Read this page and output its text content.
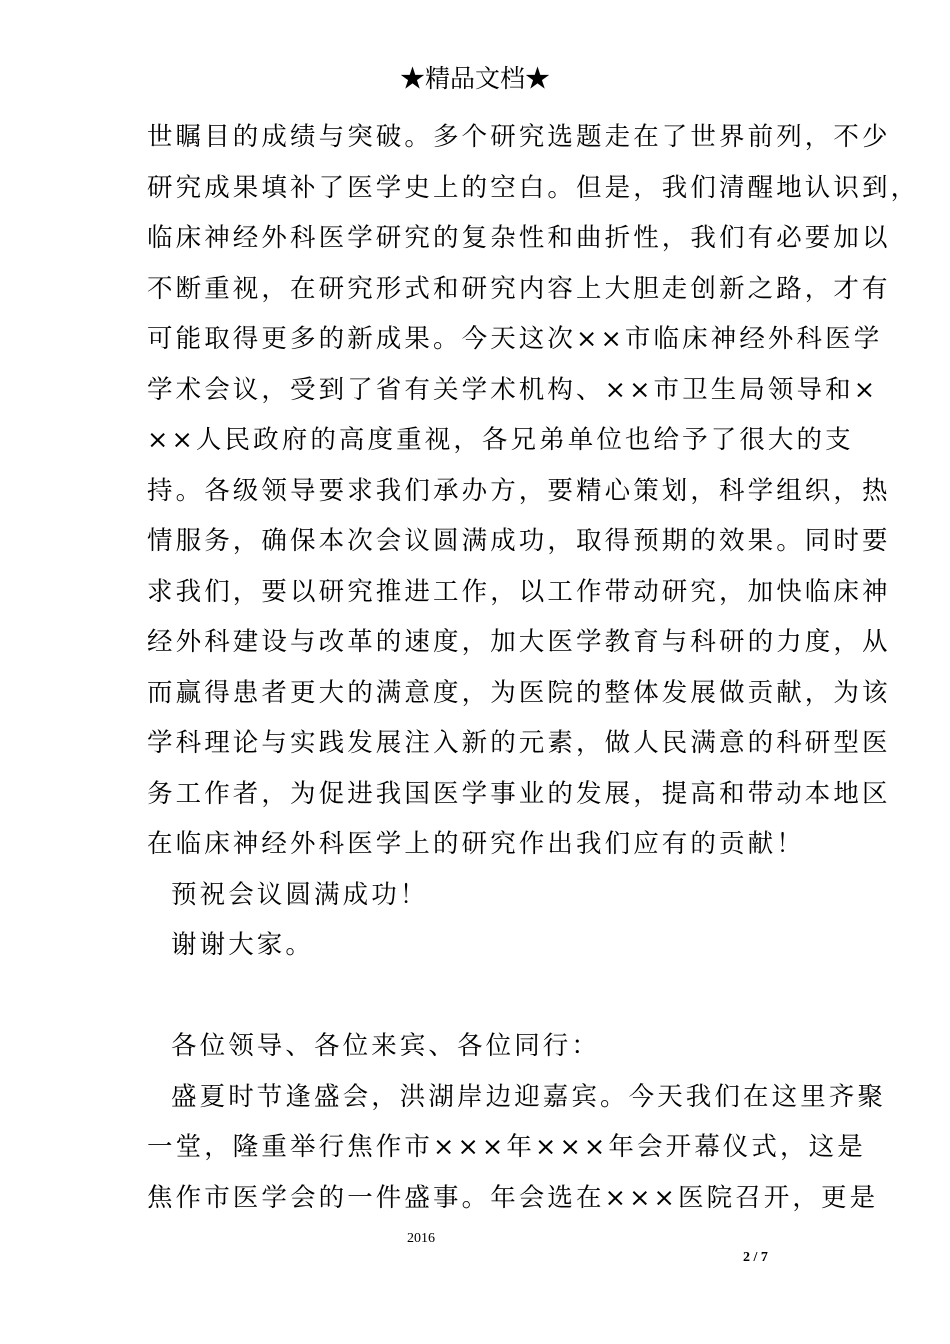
★精品文档★
世瞩目的成绩与突破。多个研究选题走在了世界前列，不少
研究成果填补了医学史上的空白。但是，我们清醒地认识到，
临床神经外科医学研究的复杂性和曲折性，我们有必要加以
不断重视，在研究形式和研究内容上大胆走创新之路，才有
可能取得更多的新成果。今天这次××市临床神经外科医学
学术会议，受到了省有关学术机构、××市卫生局领导和×
××人民政府的高度重视，各兄弟单位也给予了很大的支
持。各级领导要求我们承办方，要精心策划，科学组织，热
情服务，确保本次会议圆满成功，取得预期的效果。同时要
求我们，要以研究推进工作，以工作带动研究，加快临床神
经外科建设与改革的速度，加大医学教育与科研的力度，从
而赢得患者更大的满意度，为医院的整体发展做贡献，为该
学科理论与实践发展注入新的元素，做人民满意的科研型医
务工作者，为促进我国医学事业的发展，提高和带动本地区
在临床神经外科医学上的研究作出我们应有的贡献！
预祝会议圆满成功！
谢谢大家。
各位领导、各位来宾、各位同行：
盛夏时节逢盛会，洪湖岸边迎嘉宾。今天我们在这里齐聚
一堂，隆重举行焦作市×××年×××年会开幕仪式，这是
焦作市医学会的一件盛事。年会选在×××医院召开，更是
2016
2 / 7
